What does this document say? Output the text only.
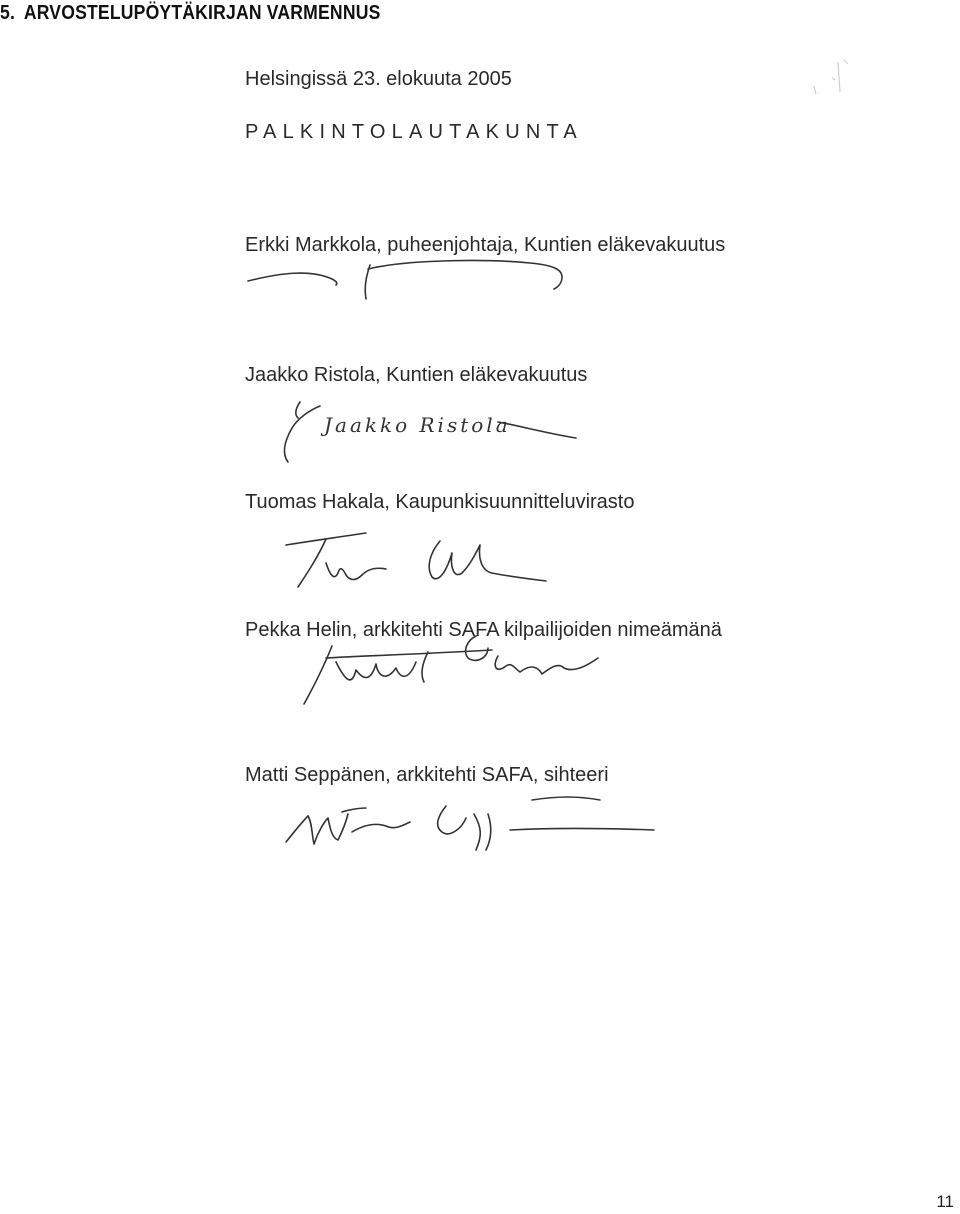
5. ARVOSTELUPÖYTÄKIRJAN VARMENNUS
Helsingissä 23. elokuuta 2005
PALKINTOLAUTAKUNTA
Erkki Markkola, puheenjohtaja, Kuntien eläkevakuutus
Jaakko Ristola, Kuntien eläkevakuutus
Jaakko Ristola
Tuomas Hakala, Kaupunkisuunnitteluvirasto
Pekka Helin, arkkitehti SAFA kilpailijoiden nimeämänä
Matti Seppänen, arkkitehti SAFA, sihteeri
11
